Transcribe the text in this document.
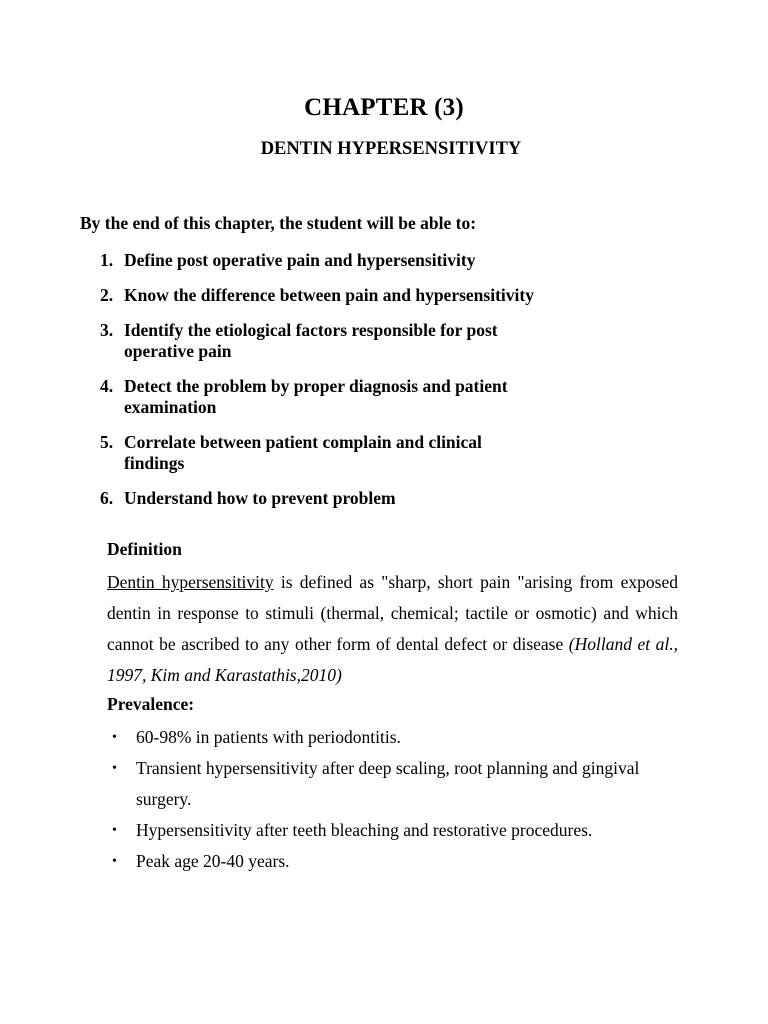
CHAPTER (3)
DENTIN HYPERSENSITIVITY

By the end of this chapter, the student will be able to:

1. Define post operative pain and hypersensitivity
2. Know the difference between pain and hypersensitivity
3. Identify the etiological factors responsible for post operative pain
4. Detect the problem by proper diagnosis and patient examination
5. Correlate between patient complain and clinical findings
6. Understand how to prevent problem
Definition

Dentin hypersensitivity is defined as "sharp, short pain "arising from exposed dentin in response to stimuli (thermal, chemical; tactile or osmotic) and which cannot be ascribed to any other form of dental defect or disease (Holland et al., 1997, Kim and Karastathis,2010)

Prevalence:
•	60-98% in patients with periodontitis.
•	Transient hypersensitivity after deep scaling, root planning and gingival surgery.
•	Hypersensitivity after teeth bleaching and restorative procedures.
•	Peak age 20-40 years.
